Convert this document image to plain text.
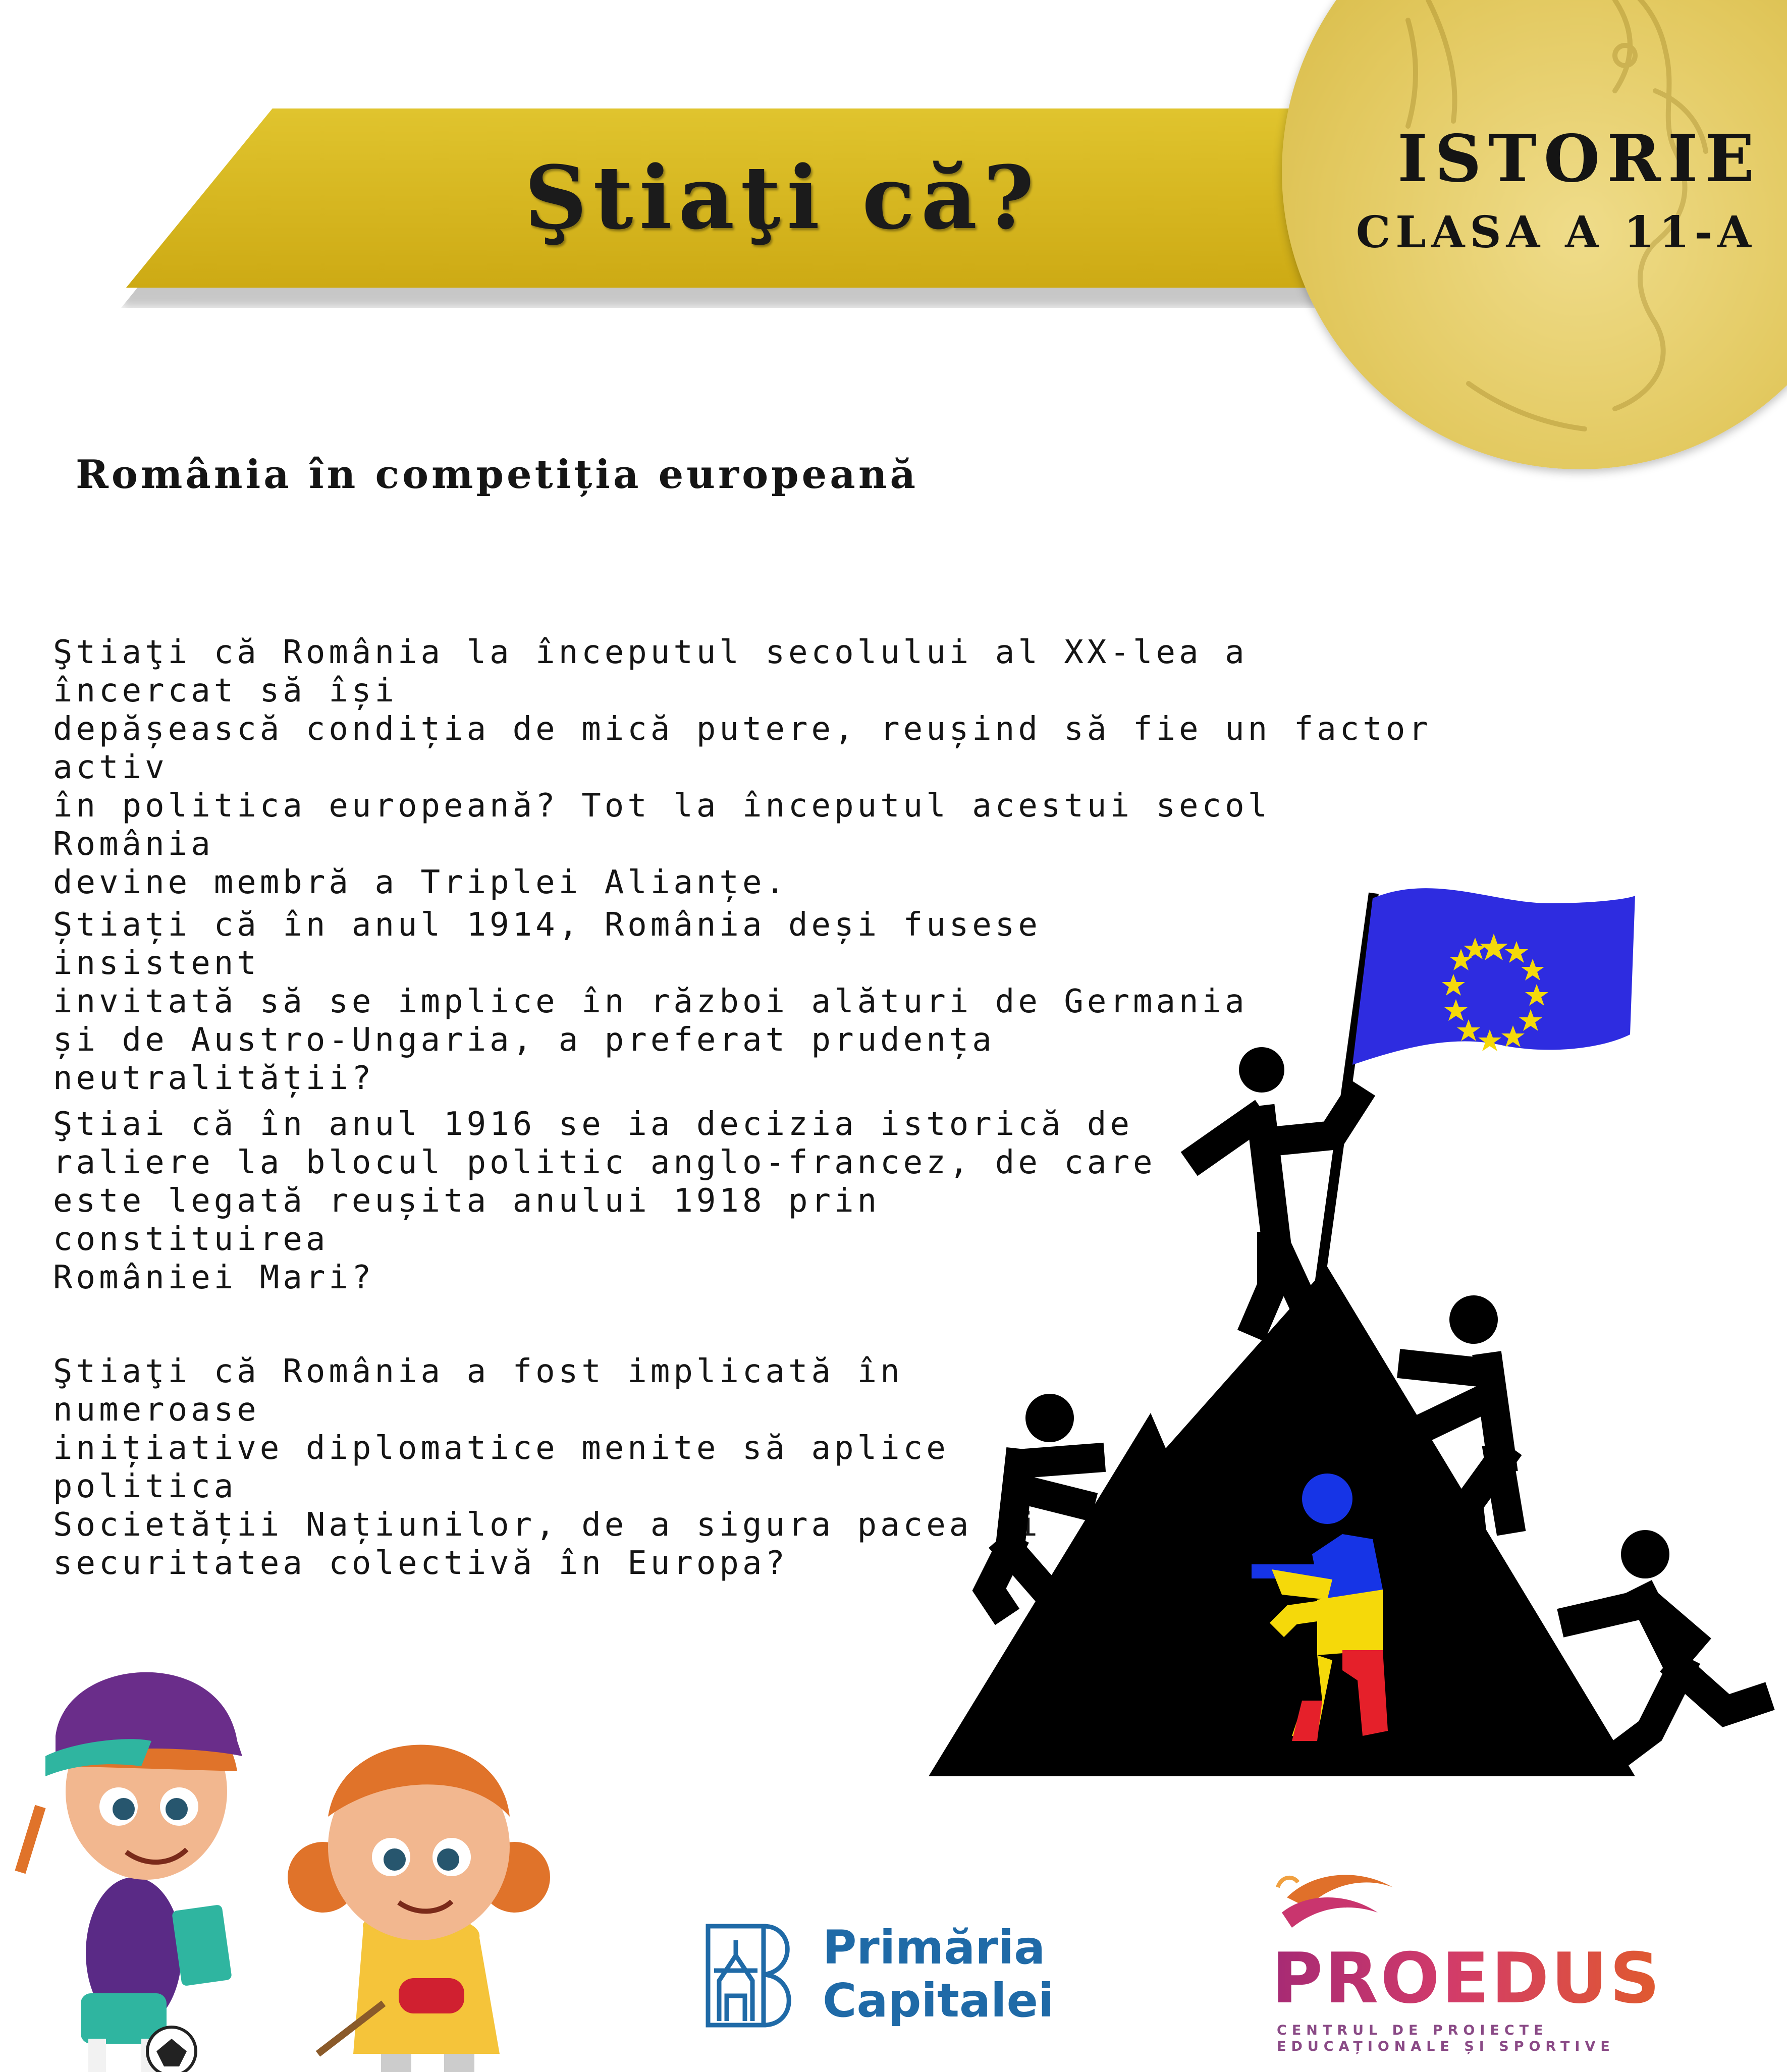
Ştiaţi că?	ISTORIE
CLASA A 11-A
România în competiția europeană
Ştiaţi că România la începutul secolului al XX-lea a încercat să își
depășească condiția de mică putere, reușind să fie un factor activ
în politica europeană? Tot la începutul acestui secol România
devine membră a Triplei Alianțe.
Știați că în anul 1914, România deși fusese insistent
invitată să se implice în război alături de Germania
și de Austro-Ungaria, a preferat prudența neutralității?
Ştiai că în anul 1916 se ia decizia istorică de
raliere la blocul politic anglo-francez, de care
este legată reușita anului 1918 prin constituirea
României Mari?
Ştiaţi că România a fost implicată în numeroase
inițiative diplomatice menite să aplice politica
Societății Națiunilor, de a sigura pacea și
securitatea colectivă în Europa?
Primăria
Capitalei	PROEDUS
CENTRUL DE PROIECTE
EDUCAȚIONALE ȘI SPORTIVE
